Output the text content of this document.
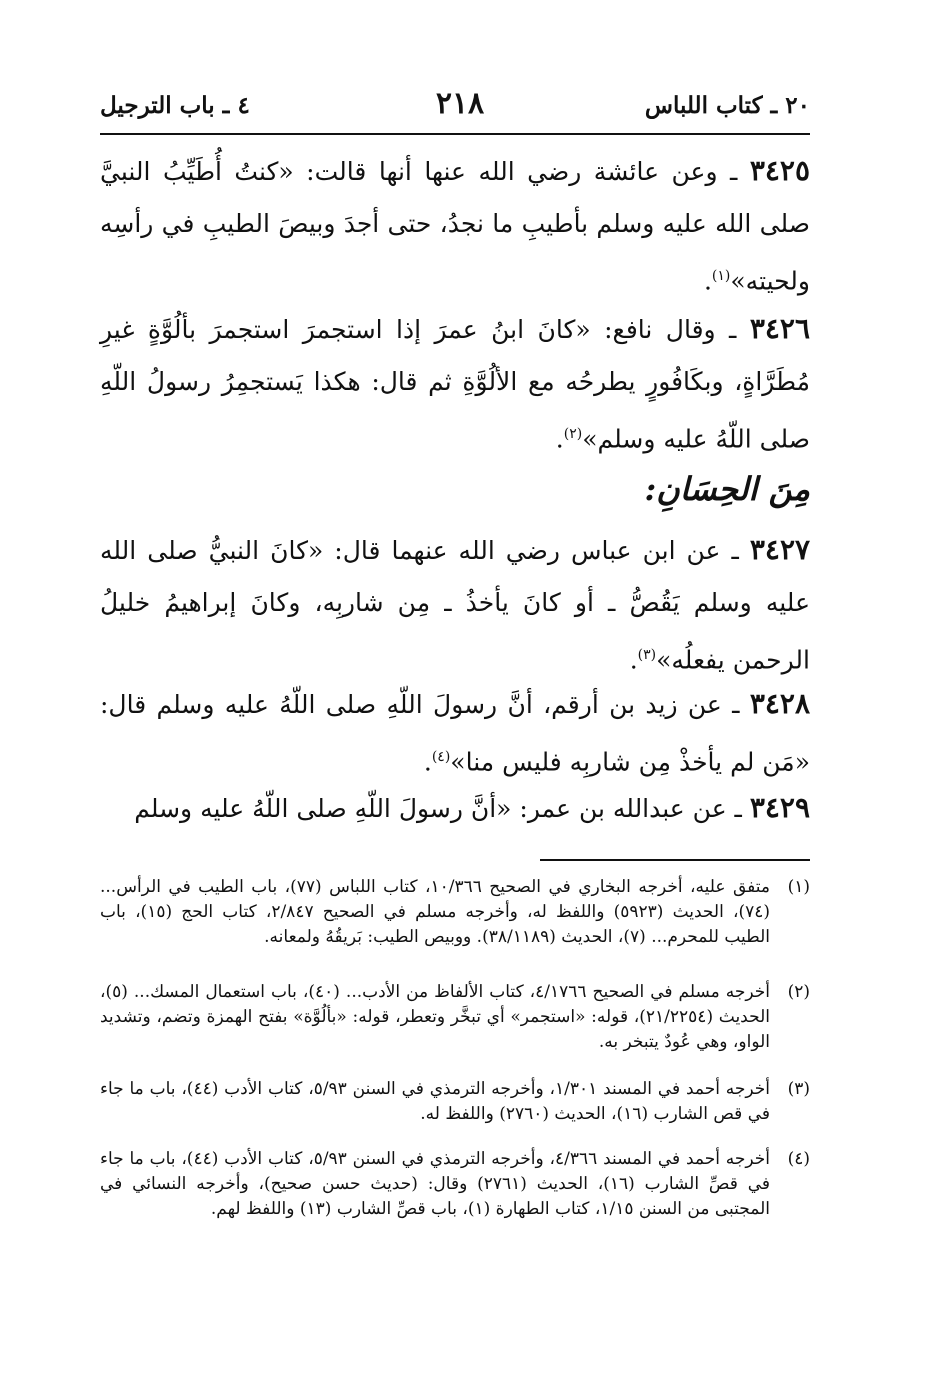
٢٠ ـ كتاب اللباس
٢١٨
٤ ـ باب الترجيل
٣٤٢٥ ـ وعن عائشة رضي الله عنها أنها قالت: «كنتُ أُطَيِّبُ النبيَّ صلى الله عليه وسلم بأطيبِ ما نجدُ، حتى أجدَ وبيصَ الطيبِ في رأسِه ولحيته»$^{(١)}$.
٣٤٢٦ ـ وقال نافع: «كانَ ابنُ عمرَ إذا استجمرَ استجمرَ بألُوَّةٍ غيرِ مُطَرَّاةٍ، وبكَافُورٍ يطرحُه مع الألُوَّةِ ثم قال: هكذا يَستجمِرُ رسولُ اللّهِ صلى اللّهُ عليه وسلم»$^{(٢)}$.
مِنَ الحِسَانِ:
٣٤٢٧ ـ عن ابن عباس رضي الله عنهما قال: «كانَ النبيُّ صلى الله عليه وسلم يَقُصُّ ـ أو كانَ يأخذُ ـ مِن شاربِه، وكانَ إبراهيمُ خليلُ الرحمن يفعلُه»$^{(٣)}$.
٣٤٢٨ ـ عن زيد بن أرقم، أنَّ رسولَ اللّهِ صلى اللّهُ عليه وسلم قال: «مَن لم يأخذْ مِن شاربِه فليس منا»$^{(٤)}$.
٣٤٢٩ ـ عن عبدالله بن عمر: «أنَّ رسولَ اللّهِ صلى اللّهُ عليه وسلم
(١)
متفق عليه، أخرجه البخاري في الصحيح ١٠/٣٦٦، كتاب اللباس (٧٧)، باب الطيب في الرأس... (٧٤)، الحديث (٥٩٢٣) واللفظ له، وأخرجه مسلم في الصحيح ٢/٨٤٧، كتاب الحج (١٥)، باب الطيب للمحرم... (٧)، الحديث (٣٨/١١٨٩). ووبيص الطيب: بَريقُهُ ولمعانه.
(٢)
أخرجه مسلم في الصحيح ٤/١٧٦٦، كتاب الألفاظ من الأدب... (٤٠)، باب استعمال المسك... (٥)، الحديث (٢١/٢٢٥٤)، قوله: «استجمر» أي تبخَّر وتعطر، قوله: «بألُوَّة» بفتح الهمزة وتضم، وتشديد الواو، وهي عُودٌ يتبخر به.
(٣)
أخرجه أحمد في المسند ١/٣٠١، وأخرجه الترمذي في السنن ٥/٩٣، كتاب الأدب (٤٤)، باب ما جاء في قص الشارب (١٦)، الحديث (٢٧٦٠) واللفظ له.
(٤)
أخرجه أحمد في المسند ٤/٣٦٦، وأخرجه الترمذي في السنن ٥/٩٣، كتاب الأدب (٤٤)، باب ما جاء في قصِّ الشارب (١٦)، الحديث (٢٧٦١) وقال: (حديث حسن صحيح)، وأخرجه النسائي في المجتبى من السنن ١/١٥، كتاب الطهارة (١)، باب قصِّ الشارب (١٣) واللفظ لهم.
